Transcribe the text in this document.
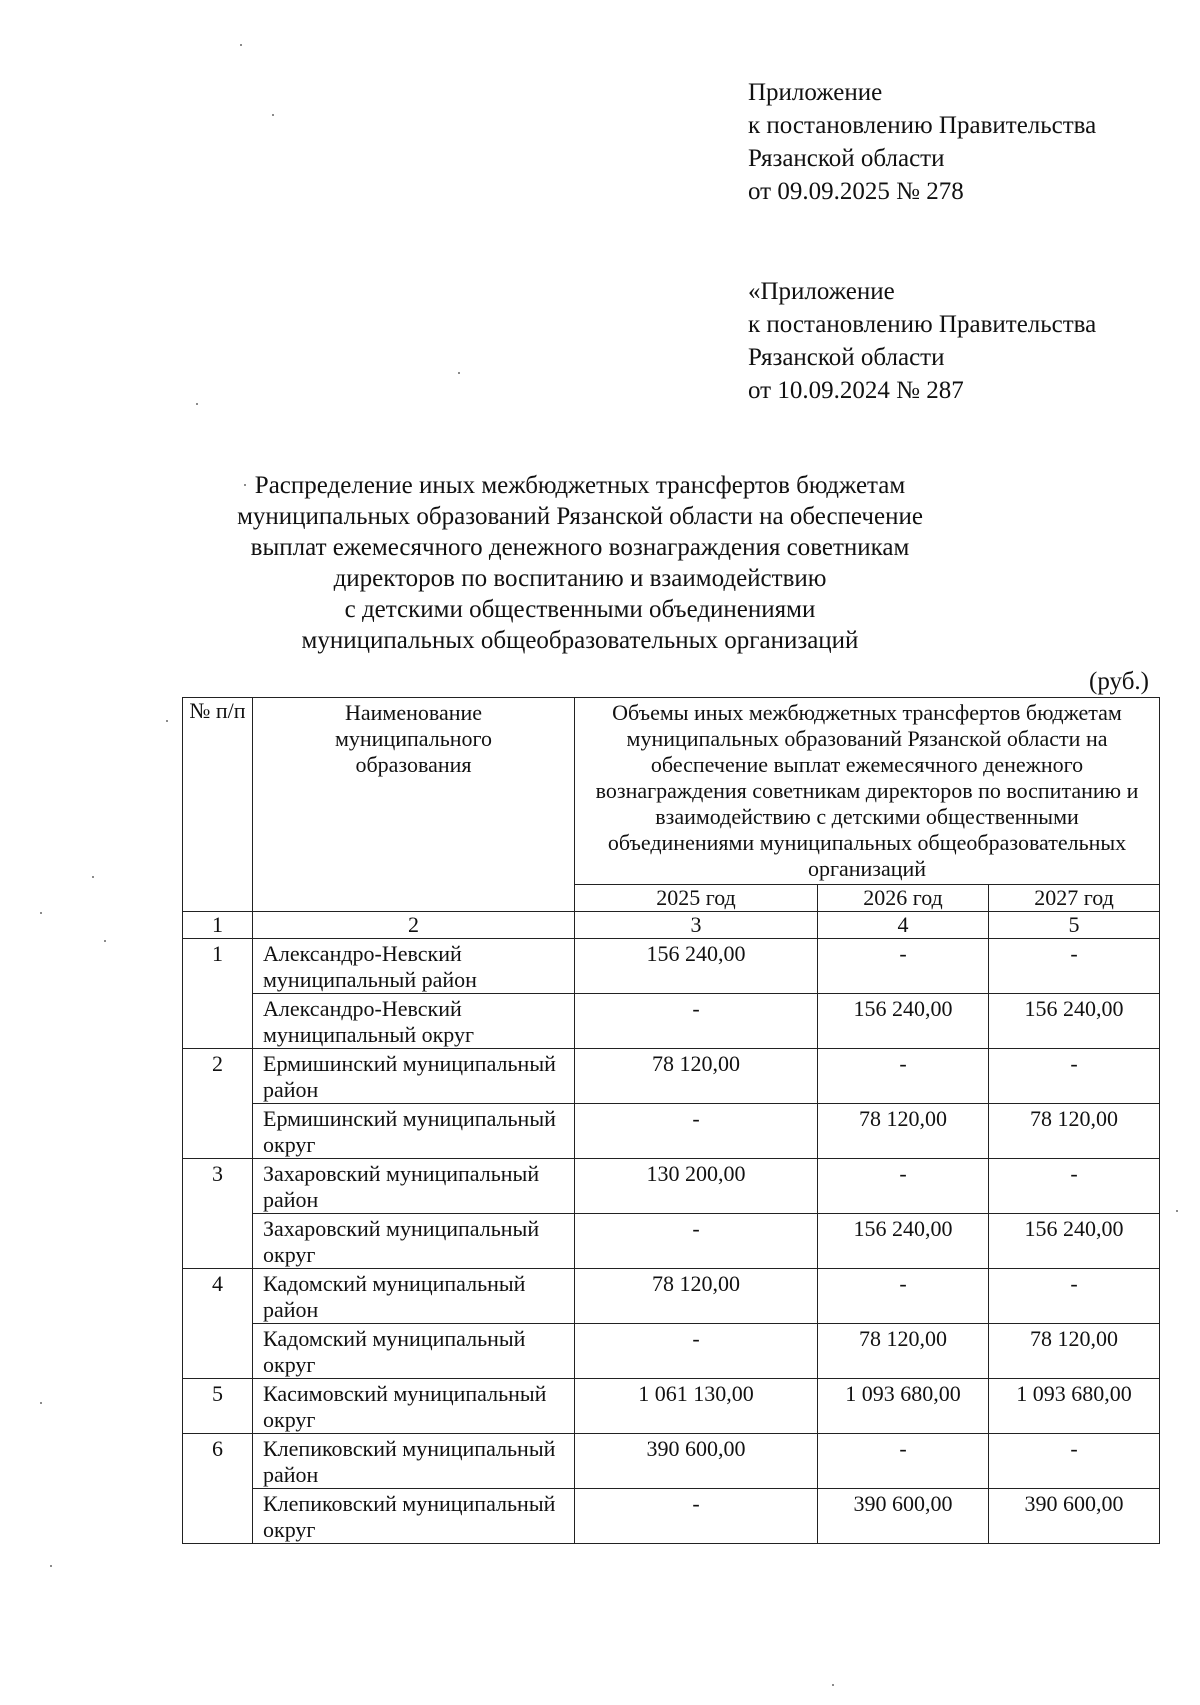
Приложение
к постановлению Правительства
Рязанской области
от 09.09.2025 № 278
«Приложение
к постановлению Правительства
Рязанской области
от 10.09.2024 № 287
Распределение иных межбюджетных трансфертов бюджетам
муниципальных образований Рязанской области на обеспечение
выплат ежемесячного денежного вознаграждения советникам
директоров по воспитанию и взаимодействию
с детскими общественными объединениями
муниципальных общеобразовательных организаций
(руб.)
№ п/п	Наименование муниципального образования	Объемы иных межбюджетных трансфертов бюджетам муниципальных образований Рязанской области на обеспечение выплат ежемесячного денежного вознаграждения советникам директоров по воспитанию и взаимодействию с детскими общественными объединениями муниципальных общеобразовательных организаций		
		2025 год	2026 год	2027 год
1	2	3	4	5
1	Александро-Невский муниципальный район	156 240,00	-	-
	Александро-Невский муниципальный округ	-	156 240,00	156 240,00
2	Ермишинский муниципальный район	78 120,00	-	-
	Ермишинский муниципальный округ	-	78 120,00	78 120,00
3	Захаровский муниципальный район	130 200,00	-	-
	Захаровский муниципальный округ	-	156 240,00	156 240,00
4	Кадомский муниципальный район	78 120,00	-	-
	Кадомский муниципальный округ	-	78 120,00	78 120,00
5	Касимовский муниципальный округ	1 061 130,00	1 093 680,00	1 093 680,00
6	Клепиковский муниципальный район	390 600,00	-	-
	Клепиковский муниципальный округ	-	390 600,00	390 600,00
